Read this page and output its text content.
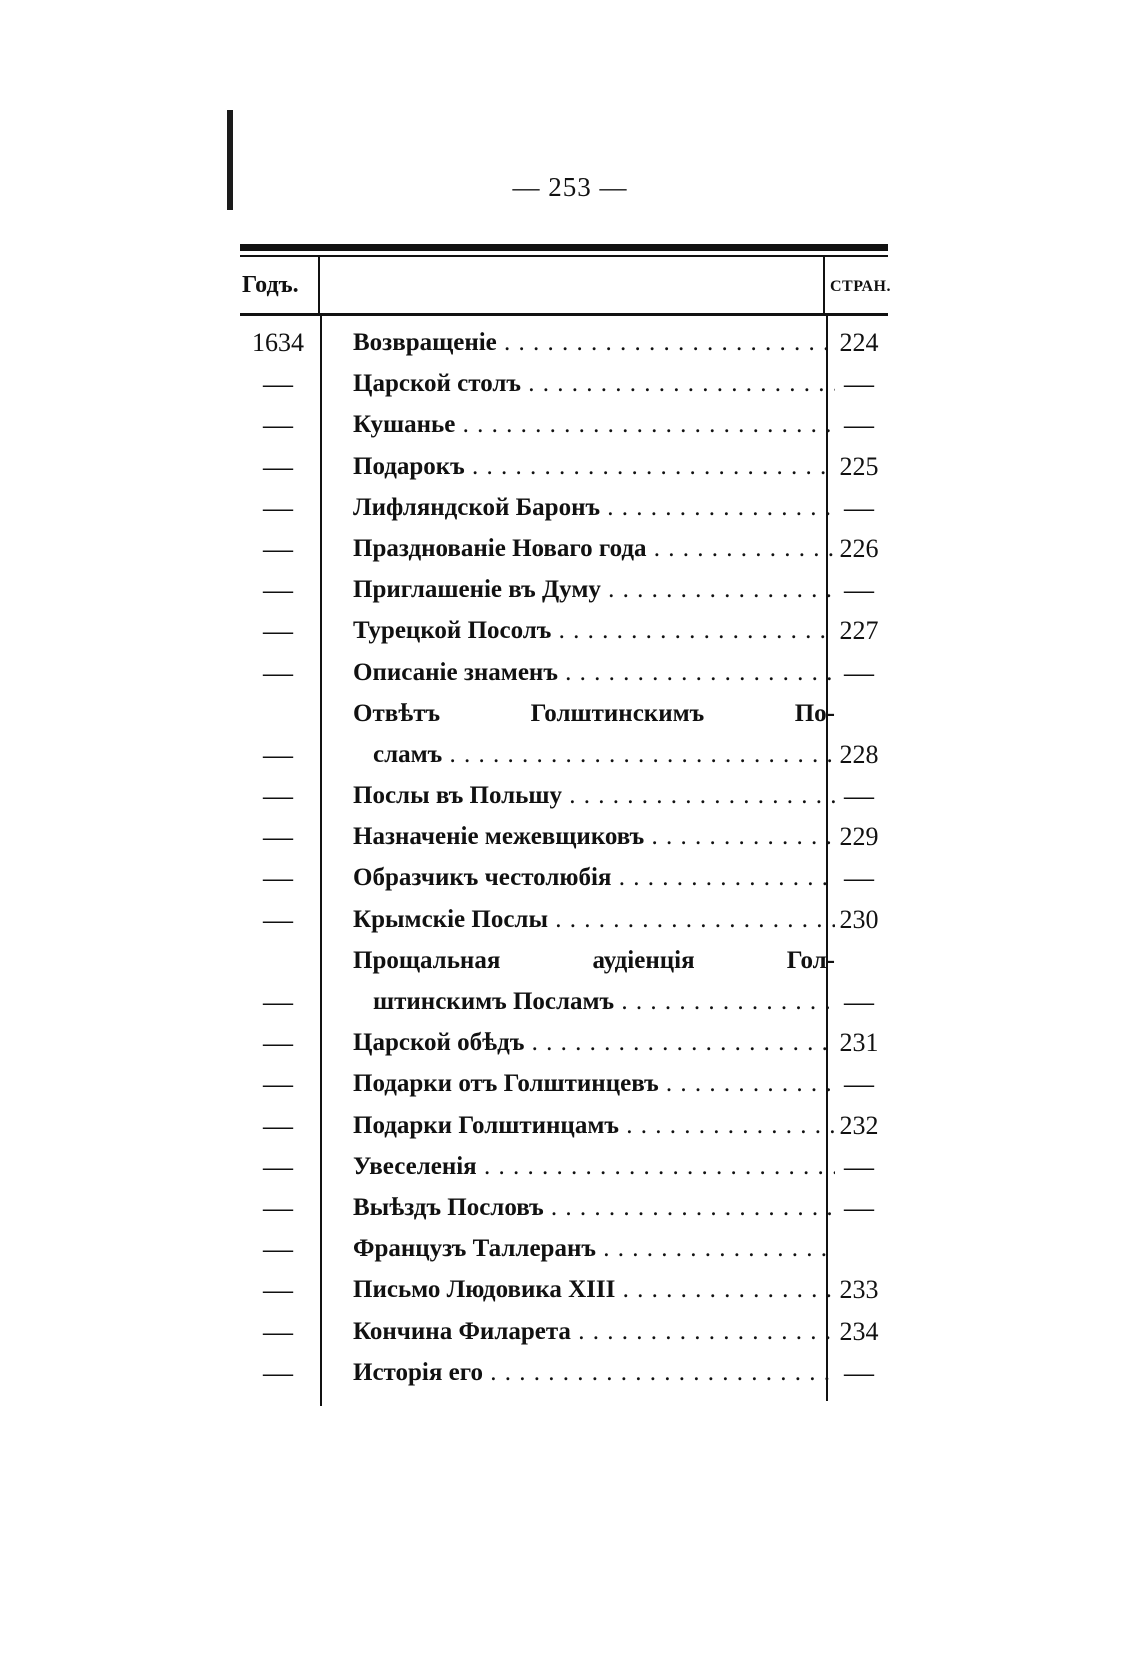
— 253 —
Годъ.	СТРАН.
1634	Возвращеніе . . .	224
—	Царской столъ . . .	—
—	Кушанье . . .	—
—	Подарокъ . . .	225
—	Лифляндской Баронъ . . .	—
—	Празднованіе Новаго года . . .	226
—	Приглашеніе въ Думу . . .	—
—	Турецкой Посолъ . . .	227
—	Описаніе знаменъ . . .	—
Отвѣтъ Голштинскимъ По-
—	сламъ . . .	228
—	Послы въ Польшу . . .	—
—	Назначеніе межевщиковъ . . .	229
—	Образчикъ честолюбія . . .	—
—	Крымскіе Послы . . .	230
Прощальная аудіенція Гол-
—	штинскимъ Посламъ . . .	—
—	Царской обѣдъ . . .	231
—	Подарки отъ Голштинцевъ . . .	—
—	Подарки Голштинцамъ . . .	232
—	Увеселенія . . .	—
—	Выѣздъ Пословъ . . .	—
—	Французъ Таллеранъ . . .
—	Письмо Людовика XIII . . .	233
—	Кончина Филарета . . .	234
—	Исторія его . . .	—
